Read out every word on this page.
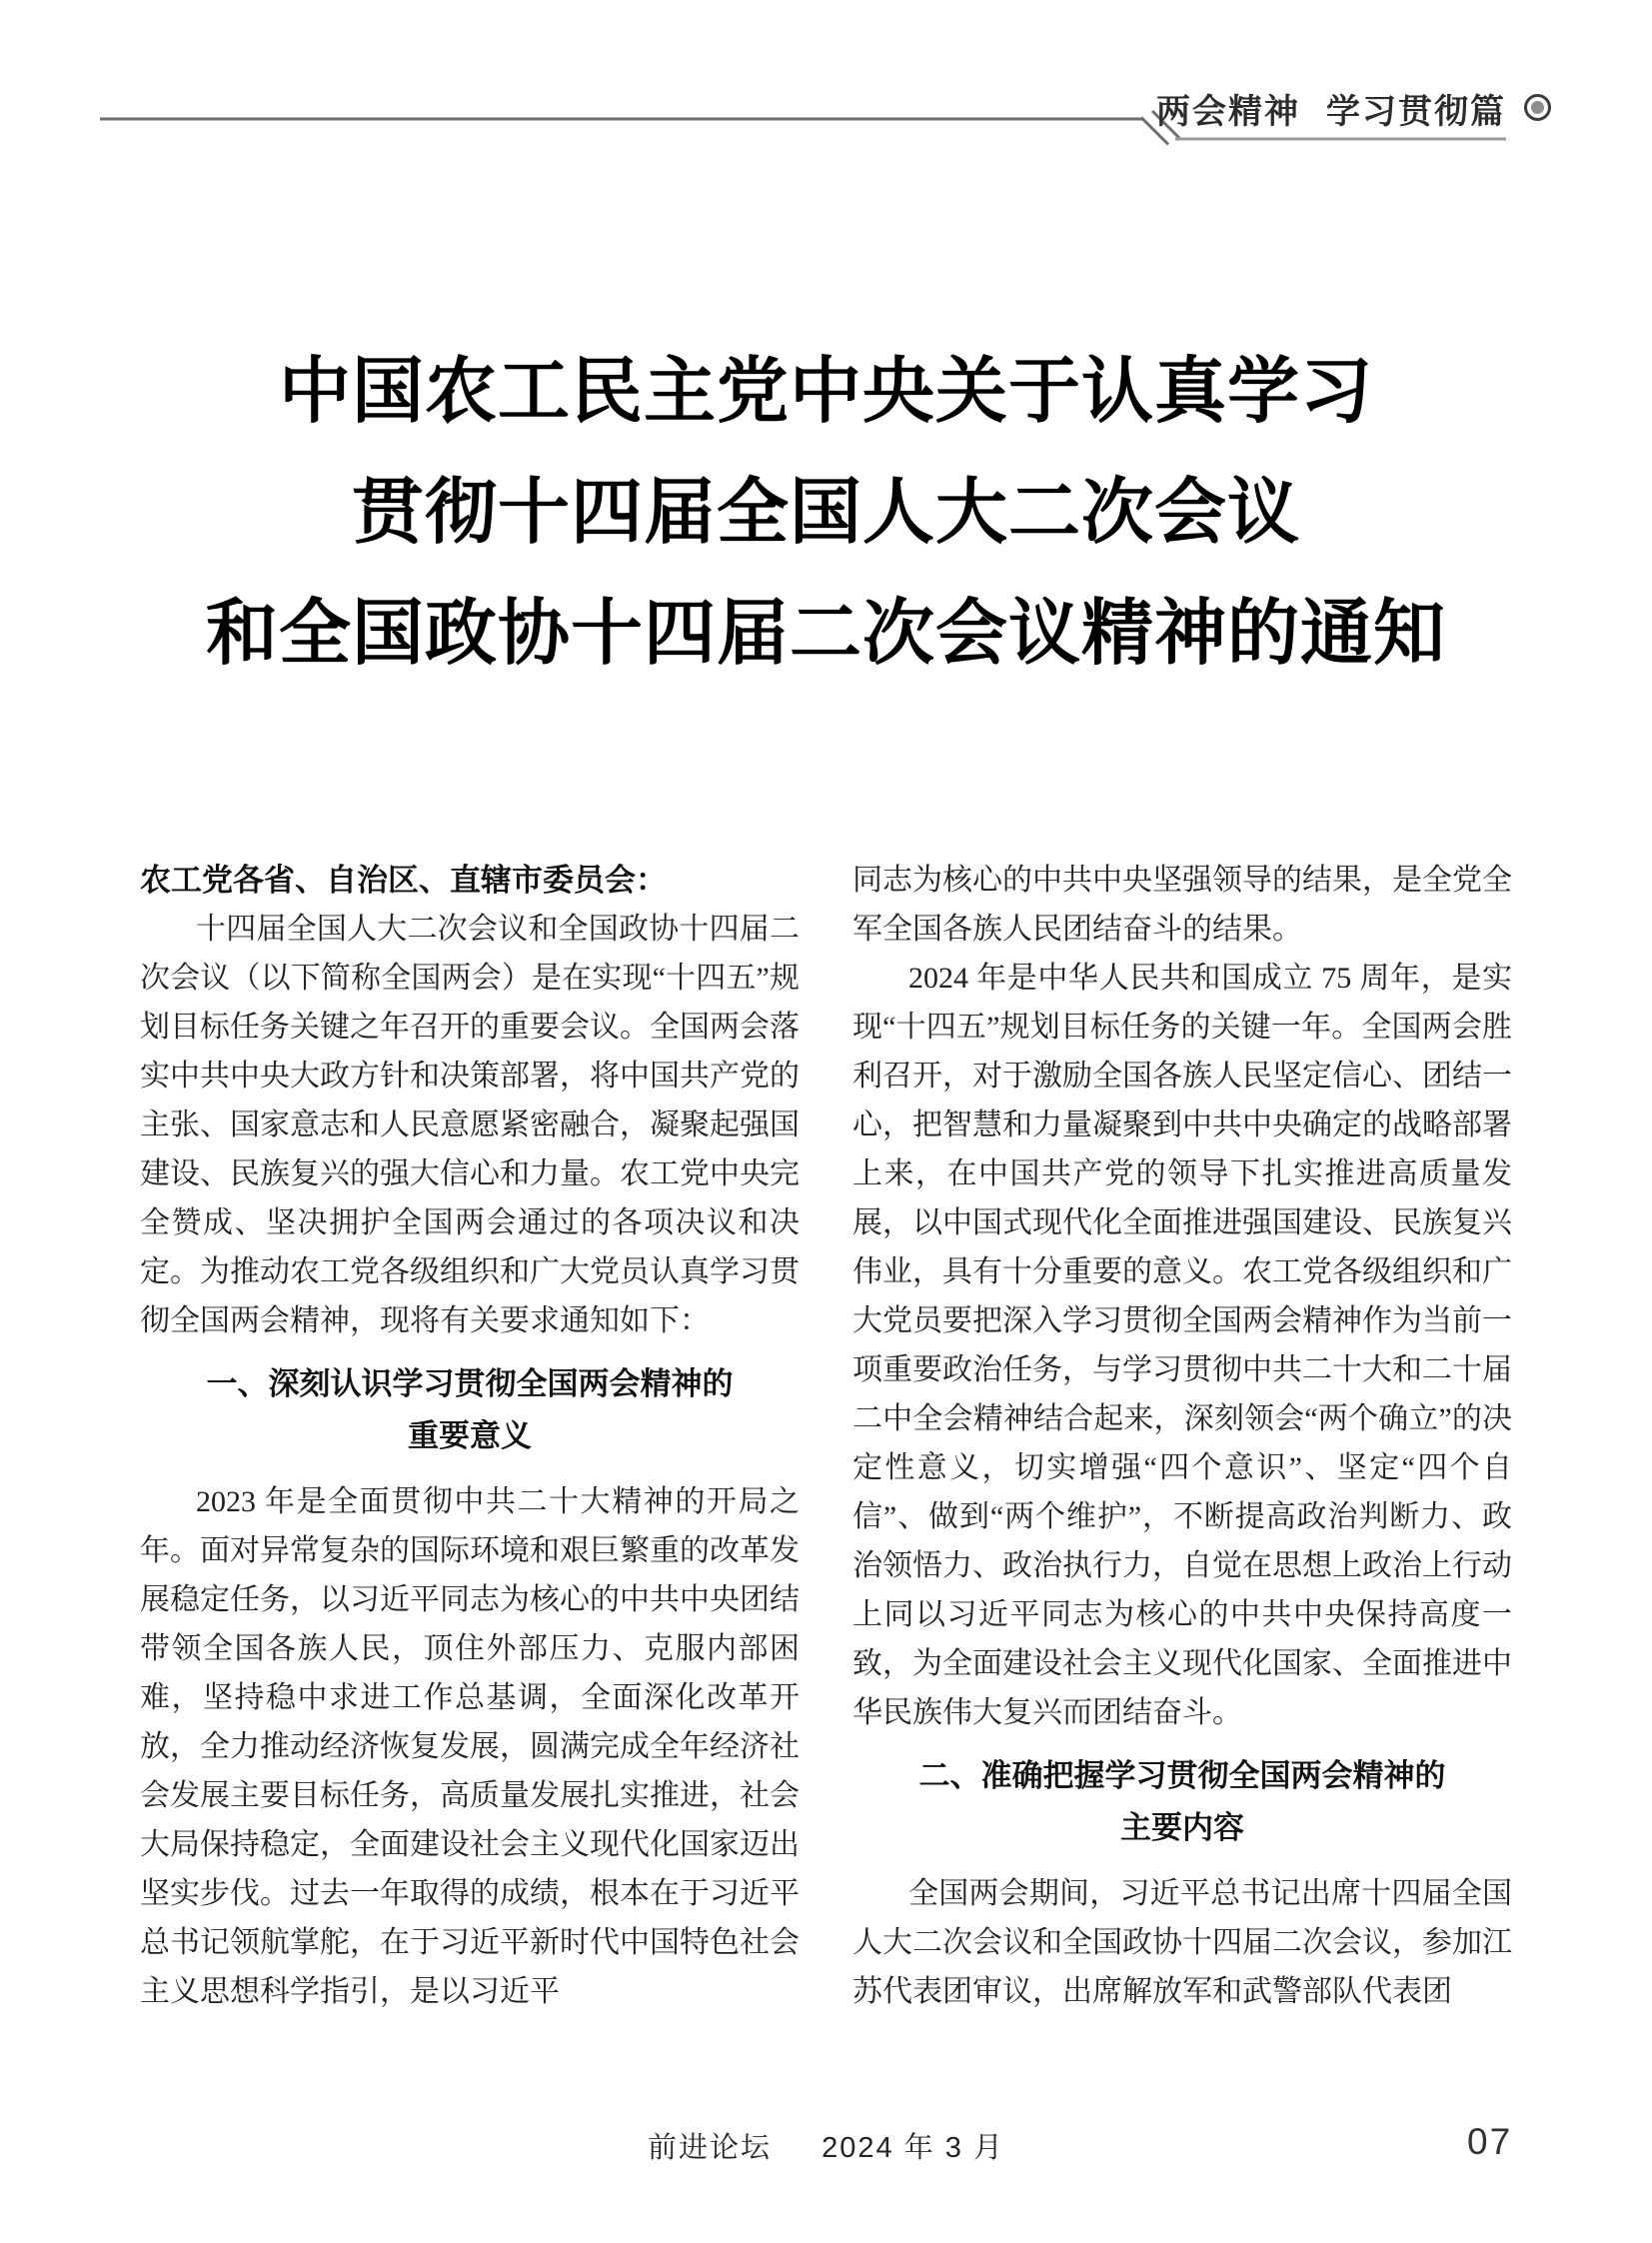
两会精神 学习贯彻篇
中国农工民主党中央关于认真学习
贯彻十四届全国人大二次会议
和全国政协十四届二次会议精神的通知
农工党各省、自治区、直辖市委员会：

十四届全国人大二次会议和全国政协十四届二次会议（以下简称全国两会）是在实现“十四五”规划目标任务关键之年召开的重要会议。全国两会落实中共中央大政方针和决策部署，将中国共产党的主张、国家意志和人民意愿紧密融合，凝聚起强国建设、民族复兴的强大信心和力量。农工党中央完全赞成、坚决拥护全国两会通过的各项决议和决定。为推动农工党各级组织和广大党员认真学习贯彻全国两会精神，现将有关要求通知如下：

一、深刻认识学习贯彻全国两会精神的
重要意义

2023 年是全面贯彻中共二十大精神的开局之年。面对异常复杂的国际环境和艰巨繁重的改革发展稳定任务，以习近平同志为核心的中共中央团结带领全国各族人民，顶住外部压力、克服内部困难，坚持稳中求进工作总基调，全面深化改革开放，全力推动经济恢复发展，圆满完成全年经济社会发展主要目标任务，高质量发展扎实推进，社会大局保持稳定，全面建设社会主义现代化国家迈出坚实步伐。过去一年取得的成绩，根本在于习近平总书记领航掌舵，在于习近平新时代中国特色社会主义思想科学指引，是以习近平

同志为核心的中共中央坚强领导的结果，是全党全军全国各族人民团结奋斗的结果。

2024 年是中华人民共和国成立 75 周年，是实现“十四五”规划目标任务的关键一年。全国两会胜利召开，对于激励全国各族人民坚定信心、团结一心，把智慧和力量凝聚到中共中央确定的战略部署上来，在中国共产党的领导下扎实推进高质量发展，以中国式现代化全面推进强国建设、民族复兴伟业，具有十分重要的意义。农工党各级组织和广大党员要把深入学习贯彻全国两会精神作为当前一项重要政治任务，与学习贯彻中共二十大和二十届二中全会精神结合起来，深刻领会“两个确立”的决定性意义，切实增强“四个意识”、坚定“四个自信”、做到“两个维护”，不断提高政治判断力、政治领悟力、政治执行力，自觉在思想上政治上行动上同以习近平同志为核心的中共中央保持高度一致，为全面建设社会主义现代化国家、全面推进中华民族伟大复兴而团结奋斗。

二、准确把握学习贯彻全国两会精神的
主要内容

全国两会期间，习近平总书记出席十四届全国人大二次会议和全国政协十四届二次会议，参加江苏代表团审议，出席解放军和武警部队代表团

前进论坛 2024 年 3 月	07
